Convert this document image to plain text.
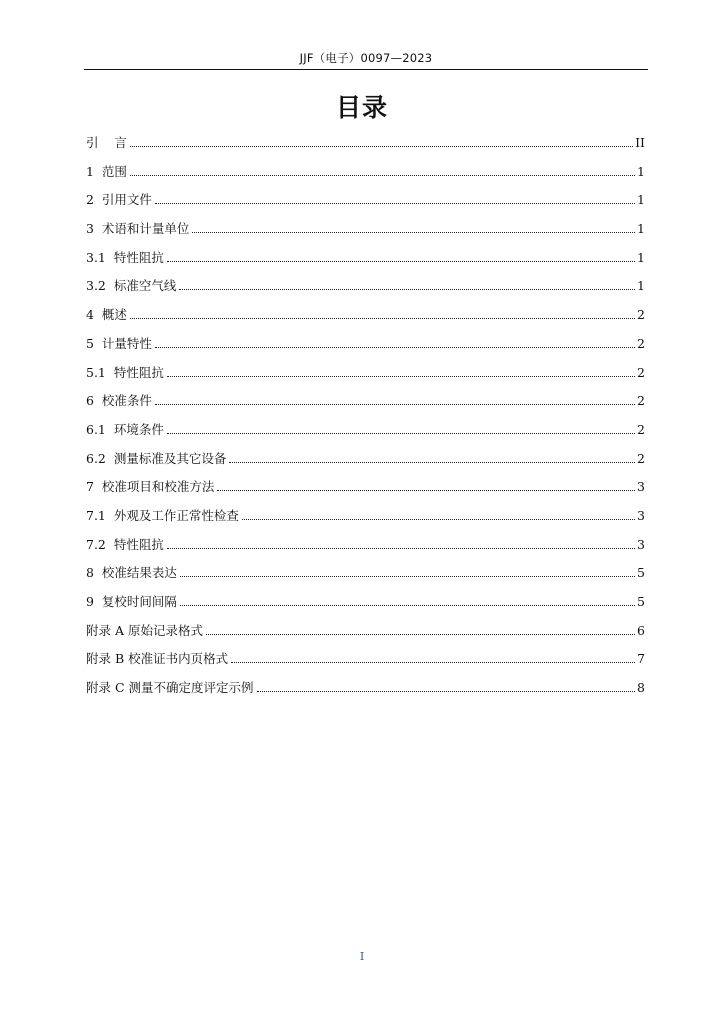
JJF（电子）0097—2023
目录
引    言	II
1  范围	1
2  引用文件	1
3  术语和计量单位	1
3.1  特性阻抗	1
3.2  标准空气线	1
4  概述	2
5  计量特性	2
5.1  特性阻抗	2
6  校准条件	2
6.1  环境条件	2
6.2  测量标准及其它设备	2
7  校准项目和校准方法	3
7.1  外观及工作正常性检查	3
7.2  特性阻抗	3
8  校准结果表达	5
9  复校时间间隔	5
附录 A 原始记录格式	6
附录 B 校准证书内页格式	7
附录 C 测量不确定度评定示例	8
I
